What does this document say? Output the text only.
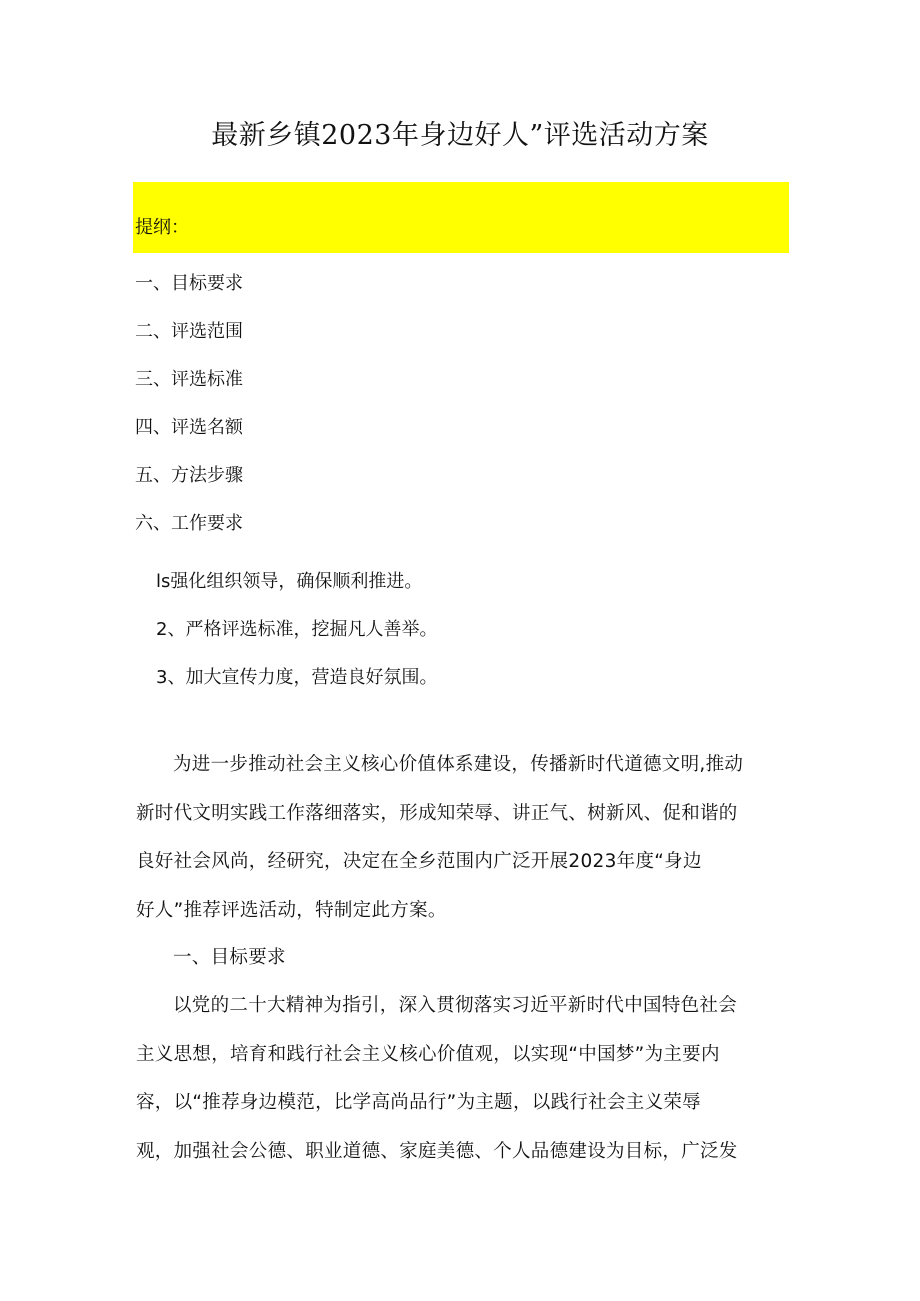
最新乡镇2023年身边好人”评选活动方案
提纲：
一、目标要求
二、评选范围
三、评选标准
四、评选名额
五、方法步骤
六、工作要求
ls强化组织领导，确保顺利推进。
2、严格评选标准，挖掘凡人善举。
3、加大宣传力度，营造良好氛围。
为进一步推动社会主义核心价值体系建设，传播新时代道德文明,推动
新时代文明实践工作落细落实，形成知荣辱、讲正气、树新风、促和谐的
良好社会风尚，经研究，决定在全乡范围内广泛开展2023年度“身边
好人”推荐评选活动，特制定此方案。
一、目标要求
以党的二十大精神为指引，深入贯彻落实习近平新时代中国特色社会
主义思想，培育和践行社会主义核心价值观，以实现“中国梦”为主要内
容，以“推荐身边模范，比学高尚品行”为主题，以践行社会主义荣辱
观，加强社会公德、职业道德、家庭美德、个人品德建设为目标，广泛发
